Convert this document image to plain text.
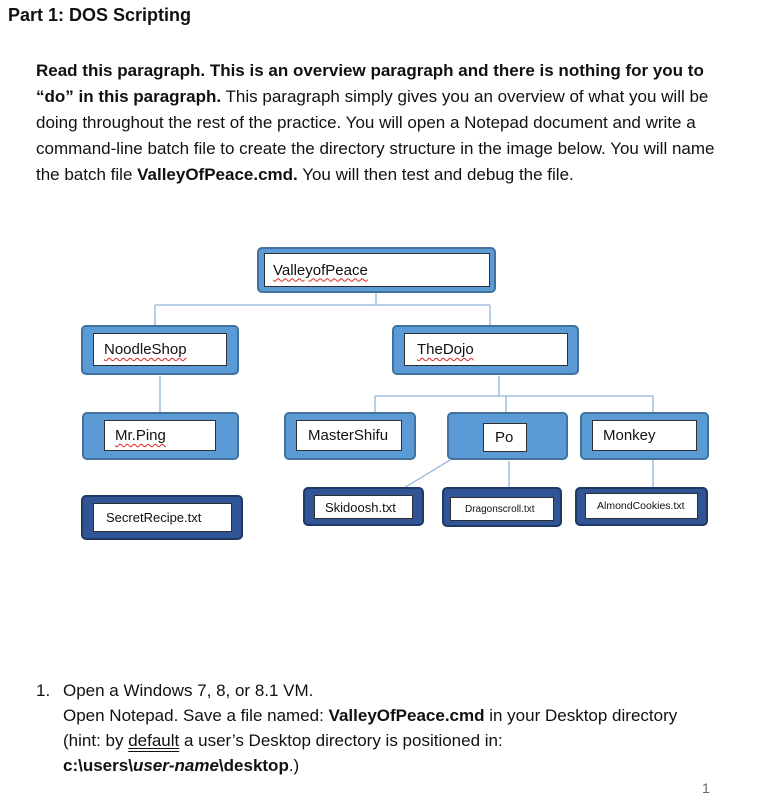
Part 1: DOS Scripting
Read this paragraph. This is an overview paragraph and there is nothing for you to “do” in this paragraph. This paragraph simply gives you an overview of what you will be doing throughout the rest of the practice. You will open a Notepad document and write a command-line batch file to create the directory structure in the image below. You will name the batch file ValleyOfPeace.cmd. You will then test and debug the file.
ValleyofPeace
NoodleShop	TheDojo
Mr.Ping	MasterShifu	Po	Monkey
SecretRecipe.txt
Skidoosh.txt	Dragonscroll.txt	AlmondCookies.txt
1. Open a Windows 7, 8, or 8.1 VM.
Open Notepad. Save a file named: ValleyOfPeace.cmd in your Desktop directory
(hint: by default a user’s Desktop directory is positioned in:
c:\users\user-name\desktop.)
1
